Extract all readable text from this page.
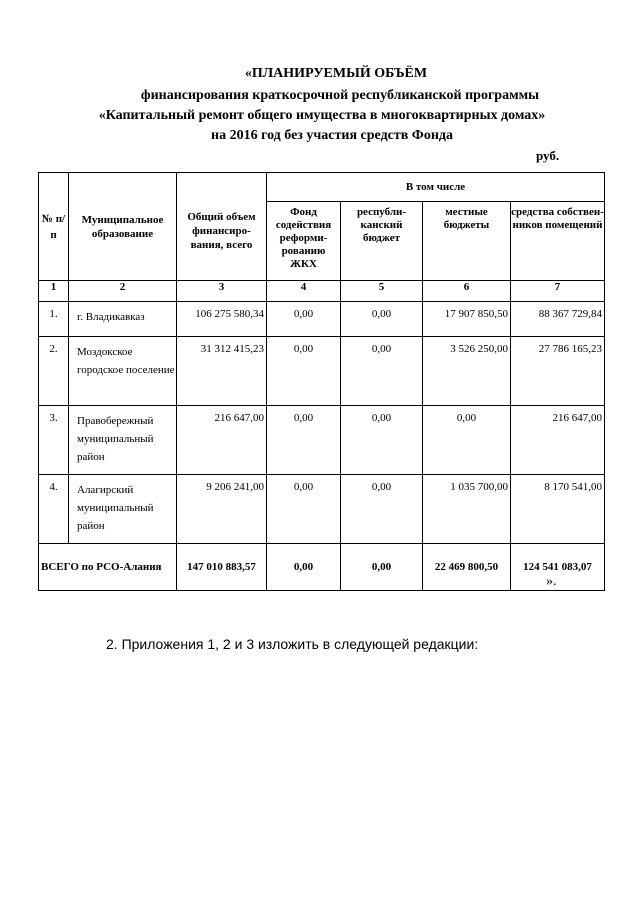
«ПЛАНИРУЕМЫЙ ОБЪЁМ
финансирования краткосрочной республиканской программы
«Капитальный ремонт общего имущества в многоквартирных домах»
на 2016 год без участия средств Фонда
руб.
№ п/п	Муниципальное образование	Общий объем финансиро-вания, всего	В том числе			
			Фонд содействия реформи-рованию ЖКХ	республи-канский бюджет	местные бюджеты	средства собствен-ников помещений
1	2	3	4	5	6	7
1.	г. Владикавказ	106 275 580,34	0,00	0,00	17 907 850,50	88 367 729,84
2.	Моздокское городское поселение	31 312 415,23	0,00	0,00	3 526 250,00	27 786 165,23
3.	Правобережный муниципальный район	216 647,00	0,00	0,00	0,00	216 647,00
4.	Алагирский муниципальный район	9 206 241,00	0,00	0,00	1 035 700,00	8 170 541,00
ВСЕГО по РСО-Алания		147 010 883,57	0,00	0,00	22 469 800,50	124 541 083,07
».
2. Приложения 1, 2 и 3 изложить в следующей редакции:
